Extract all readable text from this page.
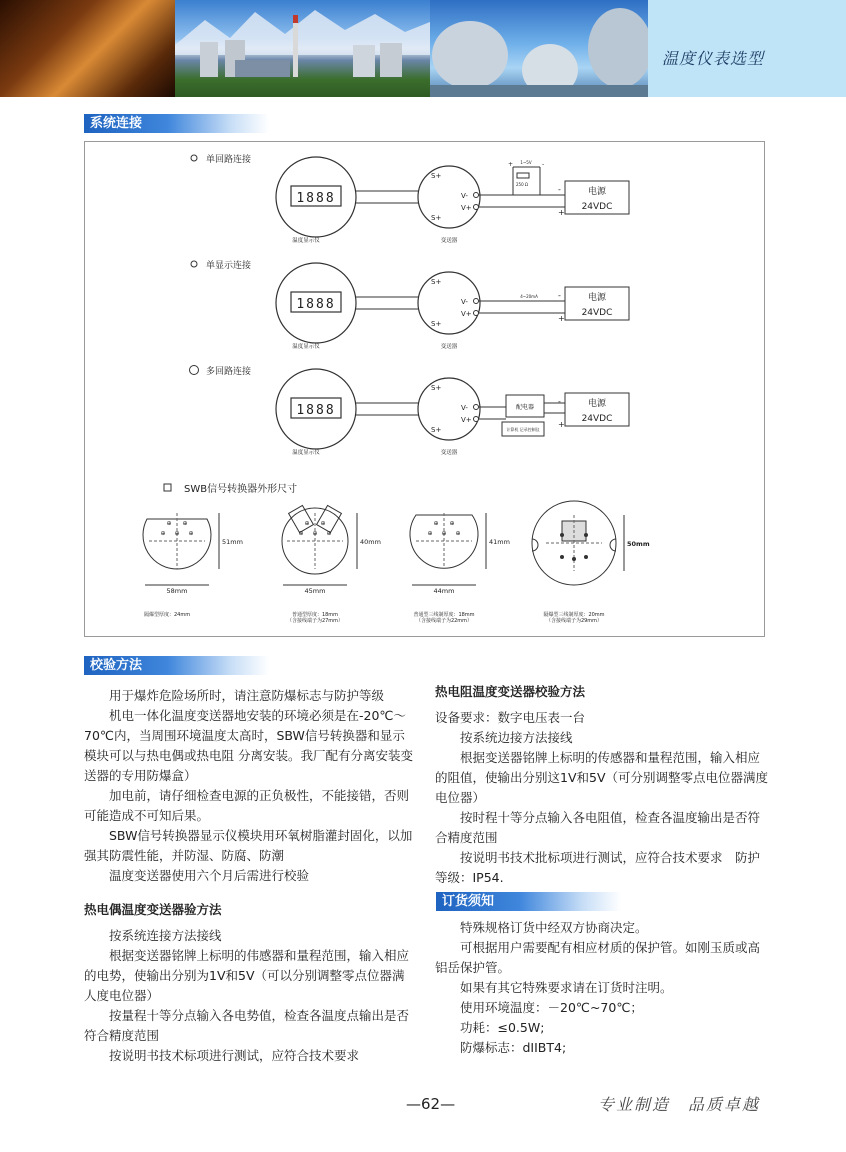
温度仪表选型
系统连接
单回路连接
1888
温度显示仪
S+
S+
V-
V+
变送器
电源
24VDC
-
+
1~5V
250 Ω
+	-
单显示连接
1888
温度显示仪
S+
S+
V-
V+
变送器
电源
24VDC
-
+
4~20mA
多回路连接
1888
温度显示仪
S+
S+
V-
V+
变送器
电源
24VDC
-
+
配电器
计算机 记录控制仪
SWB信号转换器外形尺寸
⊕ ⊕
⊕ ⊕ ⊕
51mm
58mm
隔爆型厚度：24mm
⊕ ⊕
⊕ ⊕ ⊕
40mm
45mm
普通型厚度：18mm
（含接线端子为27mm）
⊕ ⊕
⊕ ⊕ ⊕
41mm
44mm
普通型三线制厚度：18mm
（含接线端子为22mm）
50mm
隔爆型三线制厚度：20mm
（含接线端子为29mm）
校验方法

用于爆炸危险场所时，请注意防爆标志与防护等级

机电一体化温度变送器地安装的环境必须是在-20℃～70℃内，当周围环境温度太高时，SBW信号转换器和显示模块可以与热电偶或热电阻 分离安装。我厂配有分离安装变送器的专用防爆盒）

加电前，请仔细检查电源的正负极性，不能接错，否则可能造成不可知后果。

SBW信号转换器显示仪模块用环氧树脂灌封固化，以加强其防震性能，并防湿、防腐、防潮

温度变送器使用六个月后需进行校验

热电偶温度变送器验方法

按系统连接方法接线

根据变送器铭牌上标明的伟感器和量程范围，输入相应的电势，使输出分别为1V和5V（可以分别调整零点位器满人度电位器）

按量程十等分点输入各电势值，检查各温度点输出是否符合精度范围

按说明书技术标项进行测试，应符合技术要求

热电阻温度变送器校验方法

设备要求：数字电压表一台

按系统边接方法接线

根据变送器铭牌上标明的传感器和量程范围，输入相应的阻值，使输出分别这1V和5V（可分别调整零点电位器满度电位器）

按时程十等分点输入各电阻值，检查各温度输出是否符合精度范围

按说明书技术批标项进行测试，应符合技术要求　防护等级：IP54.

订货须知

特殊规格订货中经双方协商决定。

可根据用户需要配有相应材质的保护管。如刚玉质或高铝岳保护管。

如果有其它特殊要求请在订货时注明。

使用环境温度：－20℃~70℃；

功耗：≤0.5W;

防爆标志：dIIBT4;

—62—	专业制造　品质卓越
